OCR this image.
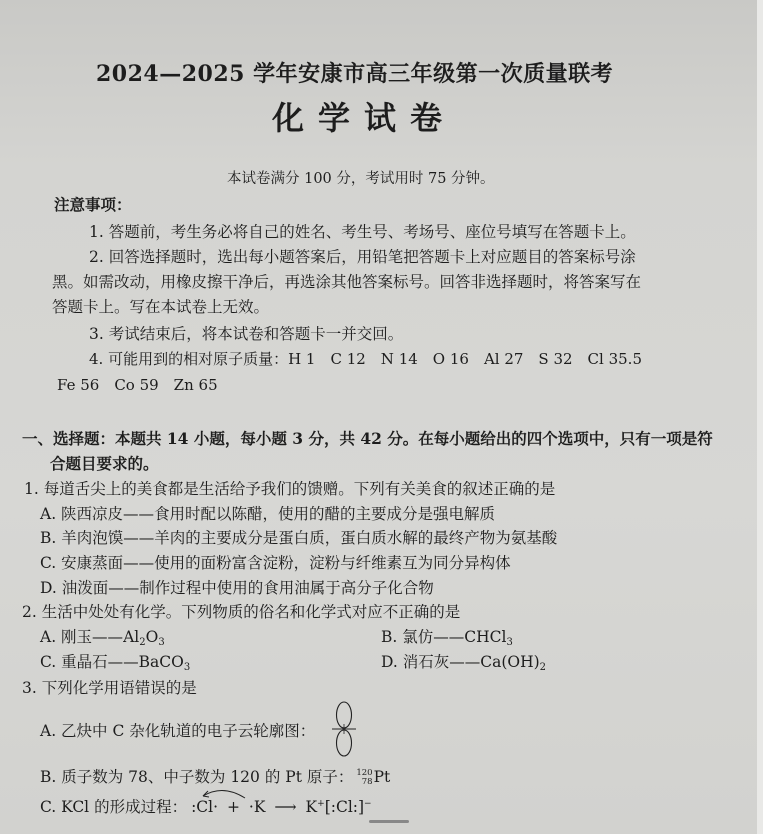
2024—2025 学年安康市高三年级第一次质量联考
化学试卷
本试卷满分 100 分，考试用时 75 分钟。
注意事项：
1. 答题前，考生务必将自己的姓名、考生号、考场号、座位号填写在答题卡上。
2. 回答选择题时，选出每小题答案后，用铅笔把答题卡上对应题目的答案标号涂
黑。如需改动，用橡皮擦干净后，再选涂其他答案标号。回答非选择题时，将答案写在
答题卡上。写在本试卷上无效。
3. 考试结束后，将本试卷和答题卡一并交回。
4. 可能用到的相对原子质量：H 1　C 12　N 14　O 16　Al 27　S 32　Cl 35.5
Fe 56　Co 59　Zn 65
一、选择题：本题共 14 小题，每小题 3 分，共 42 分。在每小题给出的四个选项中，只有一项是符
合题目要求的。
1. 每道舌尖上的美食都是生活给予我们的馈赠。下列有关美食的叙述正确的是
A. 陕西凉皮——食用时配以陈醋，使用的醋的主要成分是强电解质
B. 羊肉泡馍——羊肉的主要成分是蛋白质，蛋白质水解的最终产物为氨基酸
C. 安康蒸面——使用的面粉富含淀粉，淀粉与纤维素互为同分异构体
D. 油泼面——制作过程中使用的食用油属于高分子化合物
2. 生活中处处有化学。下列物质的俗名和化学式对应不正确的是
A. 刚玉$——Al_2O_3$	B. 氯仿——CHCl$_3$
C. 重晶石——BaCO$_3$	D. 消石灰$——Ca(OH)_2$
3. 下列化学用语错误的是
A. 乙炔中 C 杂化轨道的电子云轮廓图：
B. 质子数为 78、中子数为 120 的 Pt 原子： 120
78Pt
C. KCl 的形成过程： :Cl· + ·K ⟶ K+[:Cl:]−
